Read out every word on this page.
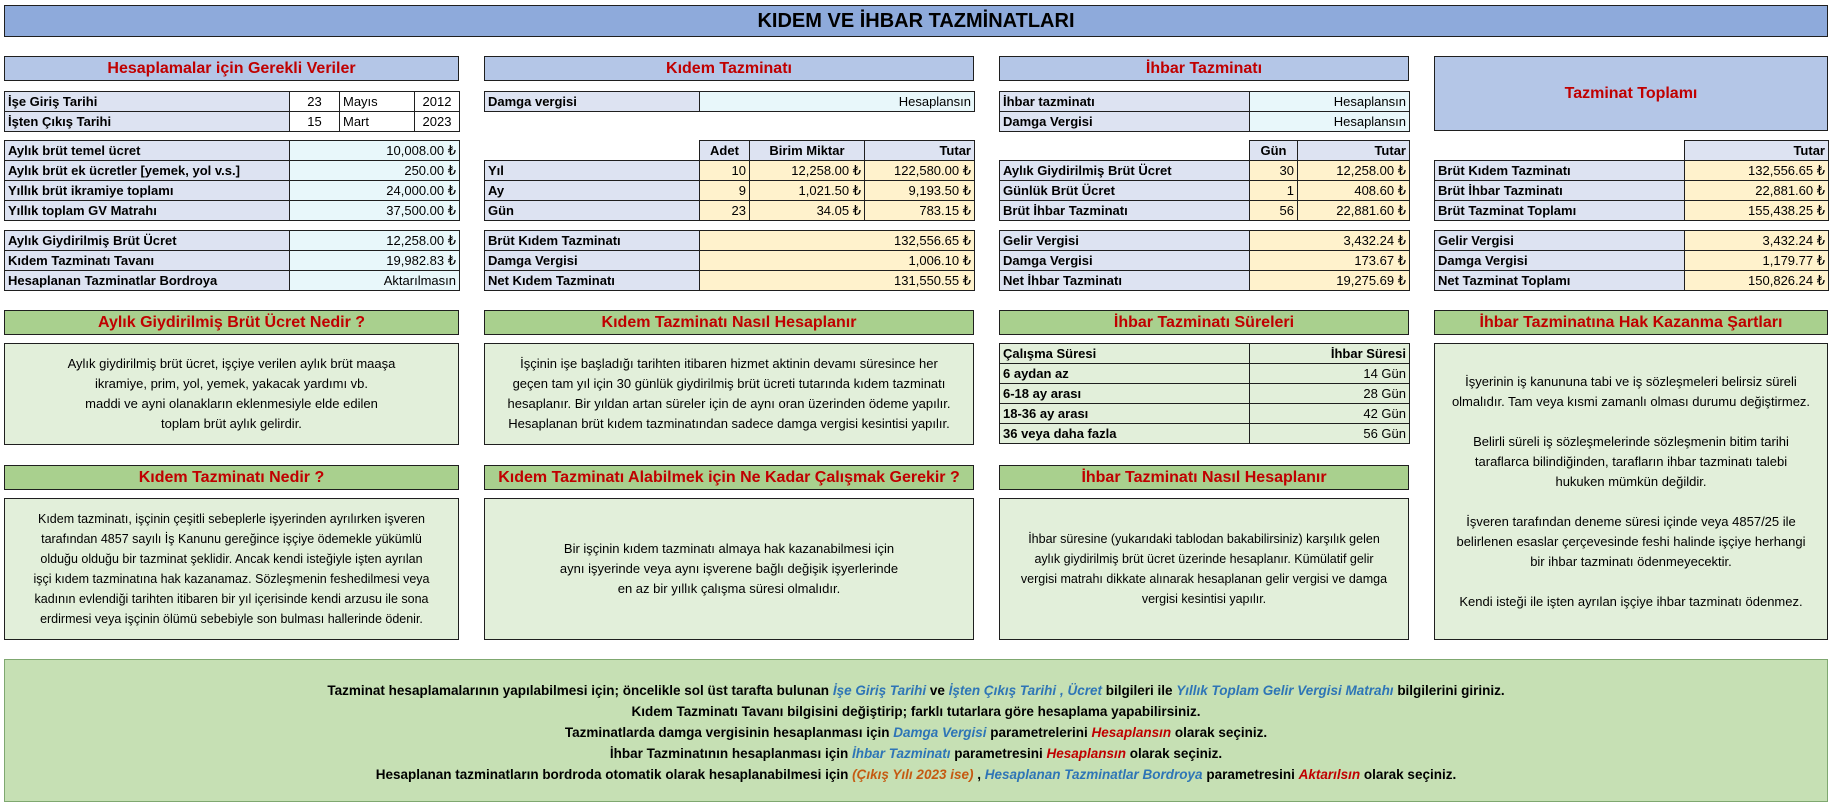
KIDEM VE İHBAR TAZMİNATLARI
Hesaplamalar için Gerekli Veriler	Kıdem Tazminatı	İhbar Tazminatı
Tazminat Toplamı
İşe Giriş Tarihi	23	Mayıs	2012
İşten Çıkış Tarihi	15	Mart	2023
Aylık brüt temel ücret	10,008.00 ₺
Aylık brüt ek ücretler [yemek, yol v.s.]	250.00 ₺
Yıllık brüt ikramiye toplamı	24,000.00 ₺
Yıllık toplam GV Matrahı	37,500.00 ₺
Aylık Giydirilmiş Brüt Ücret	12,258.00 ₺
Kıdem Tazminatı Tavanı	19,982.83 ₺
Hesaplanan Tazminatlar Bordroya	Aktarılmasın
Damga vergisi	Hesaplansın
	Adet	Birim Miktar	Tutar
Yıl	10	12,258.00 ₺	122,580.00 ₺
Ay	9	1,021.50 ₺	9,193.50 ₺
Gün	23	34.05 ₺	783.15 ₺
Brüt Kıdem Tazminatı	132,556.65 ₺
Damga Vergisi	1,006.10 ₺
Net Kıdem Tazminatı	131,550.55 ₺
İhbar tazminatı	Hesaplansın
Damga Vergisi	Hesaplansın
	Gün	Tutar
Aylık Giydirilmiş Brüt Ücret	30	12,258.00 ₺
Günlük Brüt Ücret	1	408.60 ₺
Brüt İhbar Tazminatı	56	22,881.60 ₺
Gelir Vergisi	3,432.24 ₺
Damga Vergisi	173.67 ₺
Net İhbar Tazminatı	19,275.69 ₺
	Tutar
Brüt Kıdem Tazminatı	132,556.65 ₺
Brüt İhbar Tazminatı	22,881.60 ₺
Brüt Tazminat Toplamı	155,438.25 ₺
Gelir Vergisi	3,432.24 ₺
Damga Vergisi	1,179.77 ₺
Net Tazminat Toplamı	150,826.24 ₺
Aylık Giydirilmiş Brüt Ücret Nedir ?	Kıdem Tazminatı Nasıl Hesaplanır	İhbar Tazminatı Süreleri	İhbar Tazminatına Hak Kazanma Şartları
Aylık giydirilmiş brüt ücret, işçiye verilen aylık brüt maaşa
ikramiye, prim, yol, yemek, yakacak yardımı vb.
maddi ve ayni olanakların eklenmesiyle elde edilen
toplam brüt aylık gelirdir.
İşçinin işe başladığı tarihten itibaren hizmet aktinin devamı süresince her
geçen tam yıl için 30 günlük giydirilmiş brüt ücreti tutarında kıdem tazminatı
hesaplanır. Bir yıldan artan süreler için de aynı oran üzerinden ödeme yapılır.
Hesaplanan brüt kıdem tazminatından sadece damga vergisi kesintisi yapılır.
Çalışma Süresi	İhbar Süresi
6 aydan az	14 Gün
6-18 ay arası	28 Gün
18-36 ay arası	42 Gün
36 veya daha fazla	56 Gün
İşyerinin iş kanununa tabi ve iş sözleşmeleri belirsiz süreli
olmalıdır. Tam veya kısmi zamanlı olması durumu değiştirmez.
Belirli süreli iş sözleşmelerinde sözleşmenin bitim tarihi
taraflarca bilindiğinden, tarafların ihbar tazminatı talebi
hukuken mümkün değildir.
İşveren tarafından deneme süresi içinde veya 4857/25 ile
belirlenen esaslar çerçevesinde feshi halinde işçiye herhangi
bir ihbar tazminatı ödenmeyecektir.
Kendi isteği ile işten ayrılan işçiye ihbar tazminatı ödenmez.
Kıdem Tazminatı Nedir ?	Kıdem Tazminatı Alabilmek için Ne Kadar Çalışmak Gerekir ?	İhbar Tazminatı Nasıl Hesaplanır
Kıdem tazminatı, işçinin çeşitli sebeplerle işyerinden ayrılırken işveren
tarafından 4857 sayılı İş Kanunu gereğince işçiye ödemekle yükümlü
olduğu olduğu bir tazminat şeklidir. Ancak kendi isteğiyle işten ayrılan
işçi kıdem tazminatına hak kazanamaz. Sözleşmenin feshedilmesi veya
kadının evlendiği tarihten itibaren bir yıl içerisinde kendi arzusu ile sona
erdirmesi veya işçinin ölümü sebebiyle son bulması hallerinde ödenir.
Bir işçinin kıdem tazminatı almaya hak kazanabilmesi için
aynı işyerinde veya aynı işverene bağlı değişik işyerlerinde
en az bir yıllık çalışma süresi olmalıdır.
İhbar süresine (yukarıdaki tablodan bakabilirsiniz) karşılık gelen
aylık giydirilmiş brüt ücret üzerinde hesaplanır. Kümülatif gelir
vergisi matrahı dikkate alınarak hesaplanan gelir vergisi ve damga
vergisi kesintisi yapılır.
Tazminat hesaplamalarının yapılabilmesi için; öncelikle sol üst tarafta bulunan İşe Giriş Tarihi ve İşten Çıkış Tarihi , Ücret bilgileri ile Yıllık Toplam Gelir Vergisi Matrahı bilgilerini giriniz.
Kıdem Tazminatı Tavanı bilgisini değiştirip; farklı tutarlara göre hesaplama yapabilirsiniz.
Tazminatlarda damga vergisinin hesaplanması için Damga Vergisi parametrelerini Hesaplansın olarak seçiniz.
İhbar Tazminatının hesaplanması için İhbar Tazminatı parametresini Hesaplansın olarak seçiniz.
Hesaplanan tazminatların bordroda otomatik olarak hesaplanabilmesi için (Çıkış Yılı 2023 ise) , Hesaplanan Tazminatlar Bordroya parametresini Aktarılsın olarak seçiniz.
